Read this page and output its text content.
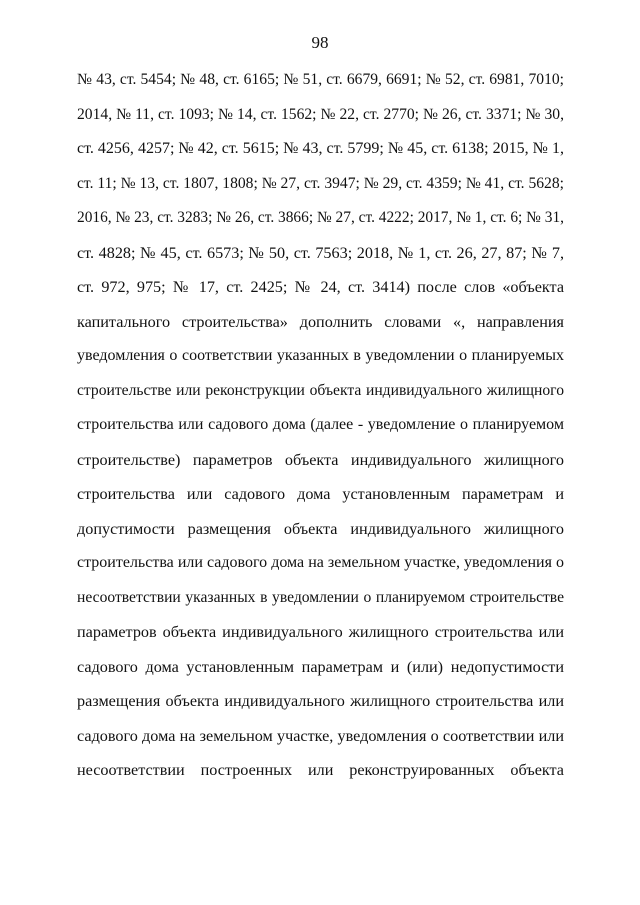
98
№ 43, ст. 5454; № 48, ст. 6165; № 51, ст. 6679, 6691; № 52, ст. 6981, 7010;
2014, № 11, ст. 1093; № 14, ст. 1562; № 22, ст. 2770; № 26, ст. 3371; № 30,
ст. 4256, 4257; № 42, ст. 5615; № 43, ст. 5799; № 45, ст. 6138; 2015, № 1,
ст. 11; № 13, ст. 1807, 1808; № 27, ст. 3947; № 29, ст. 4359; № 41, ст. 5628;
2016, № 23, ст. 3283; № 26, ст. 3866; № 27, ст. 4222; 2017, № 1, ст. 6; № 31,
ст. 4828; № 45, ст. 6573; № 50, ст. 7563; 2018, № 1, ст. 26, 27, 87; № 7,
ст. 972, 975; № 17, ст. 2425; № 24, ст. 3414) после слов «объекта
капитального строительства» дополнить словами «, направления
уведомления о соответствии указанных в уведомлении о планируемых
строительстве или реконструкции объекта индивидуального жилищного
строительства или садового дома (далее - уведомление о планируемом
строительстве) параметров объекта индивидуального жилищного
строительства или садового дома установленным параметрам и
допустимости размещения объекта индивидуального жилищного
строительства или садового дома на земельном участке, уведомления о
несоответствии указанных в уведомлении о планируемом строительстве
параметров объекта индивидуального жилищного строительства или
садового дома установленным параметрам и (или) недопустимости
размещения объекта индивидуального жилищного строительства или
садового дома на земельном участке, уведомления о соответствии или
несоответствии построенных или реконструированных объекта
